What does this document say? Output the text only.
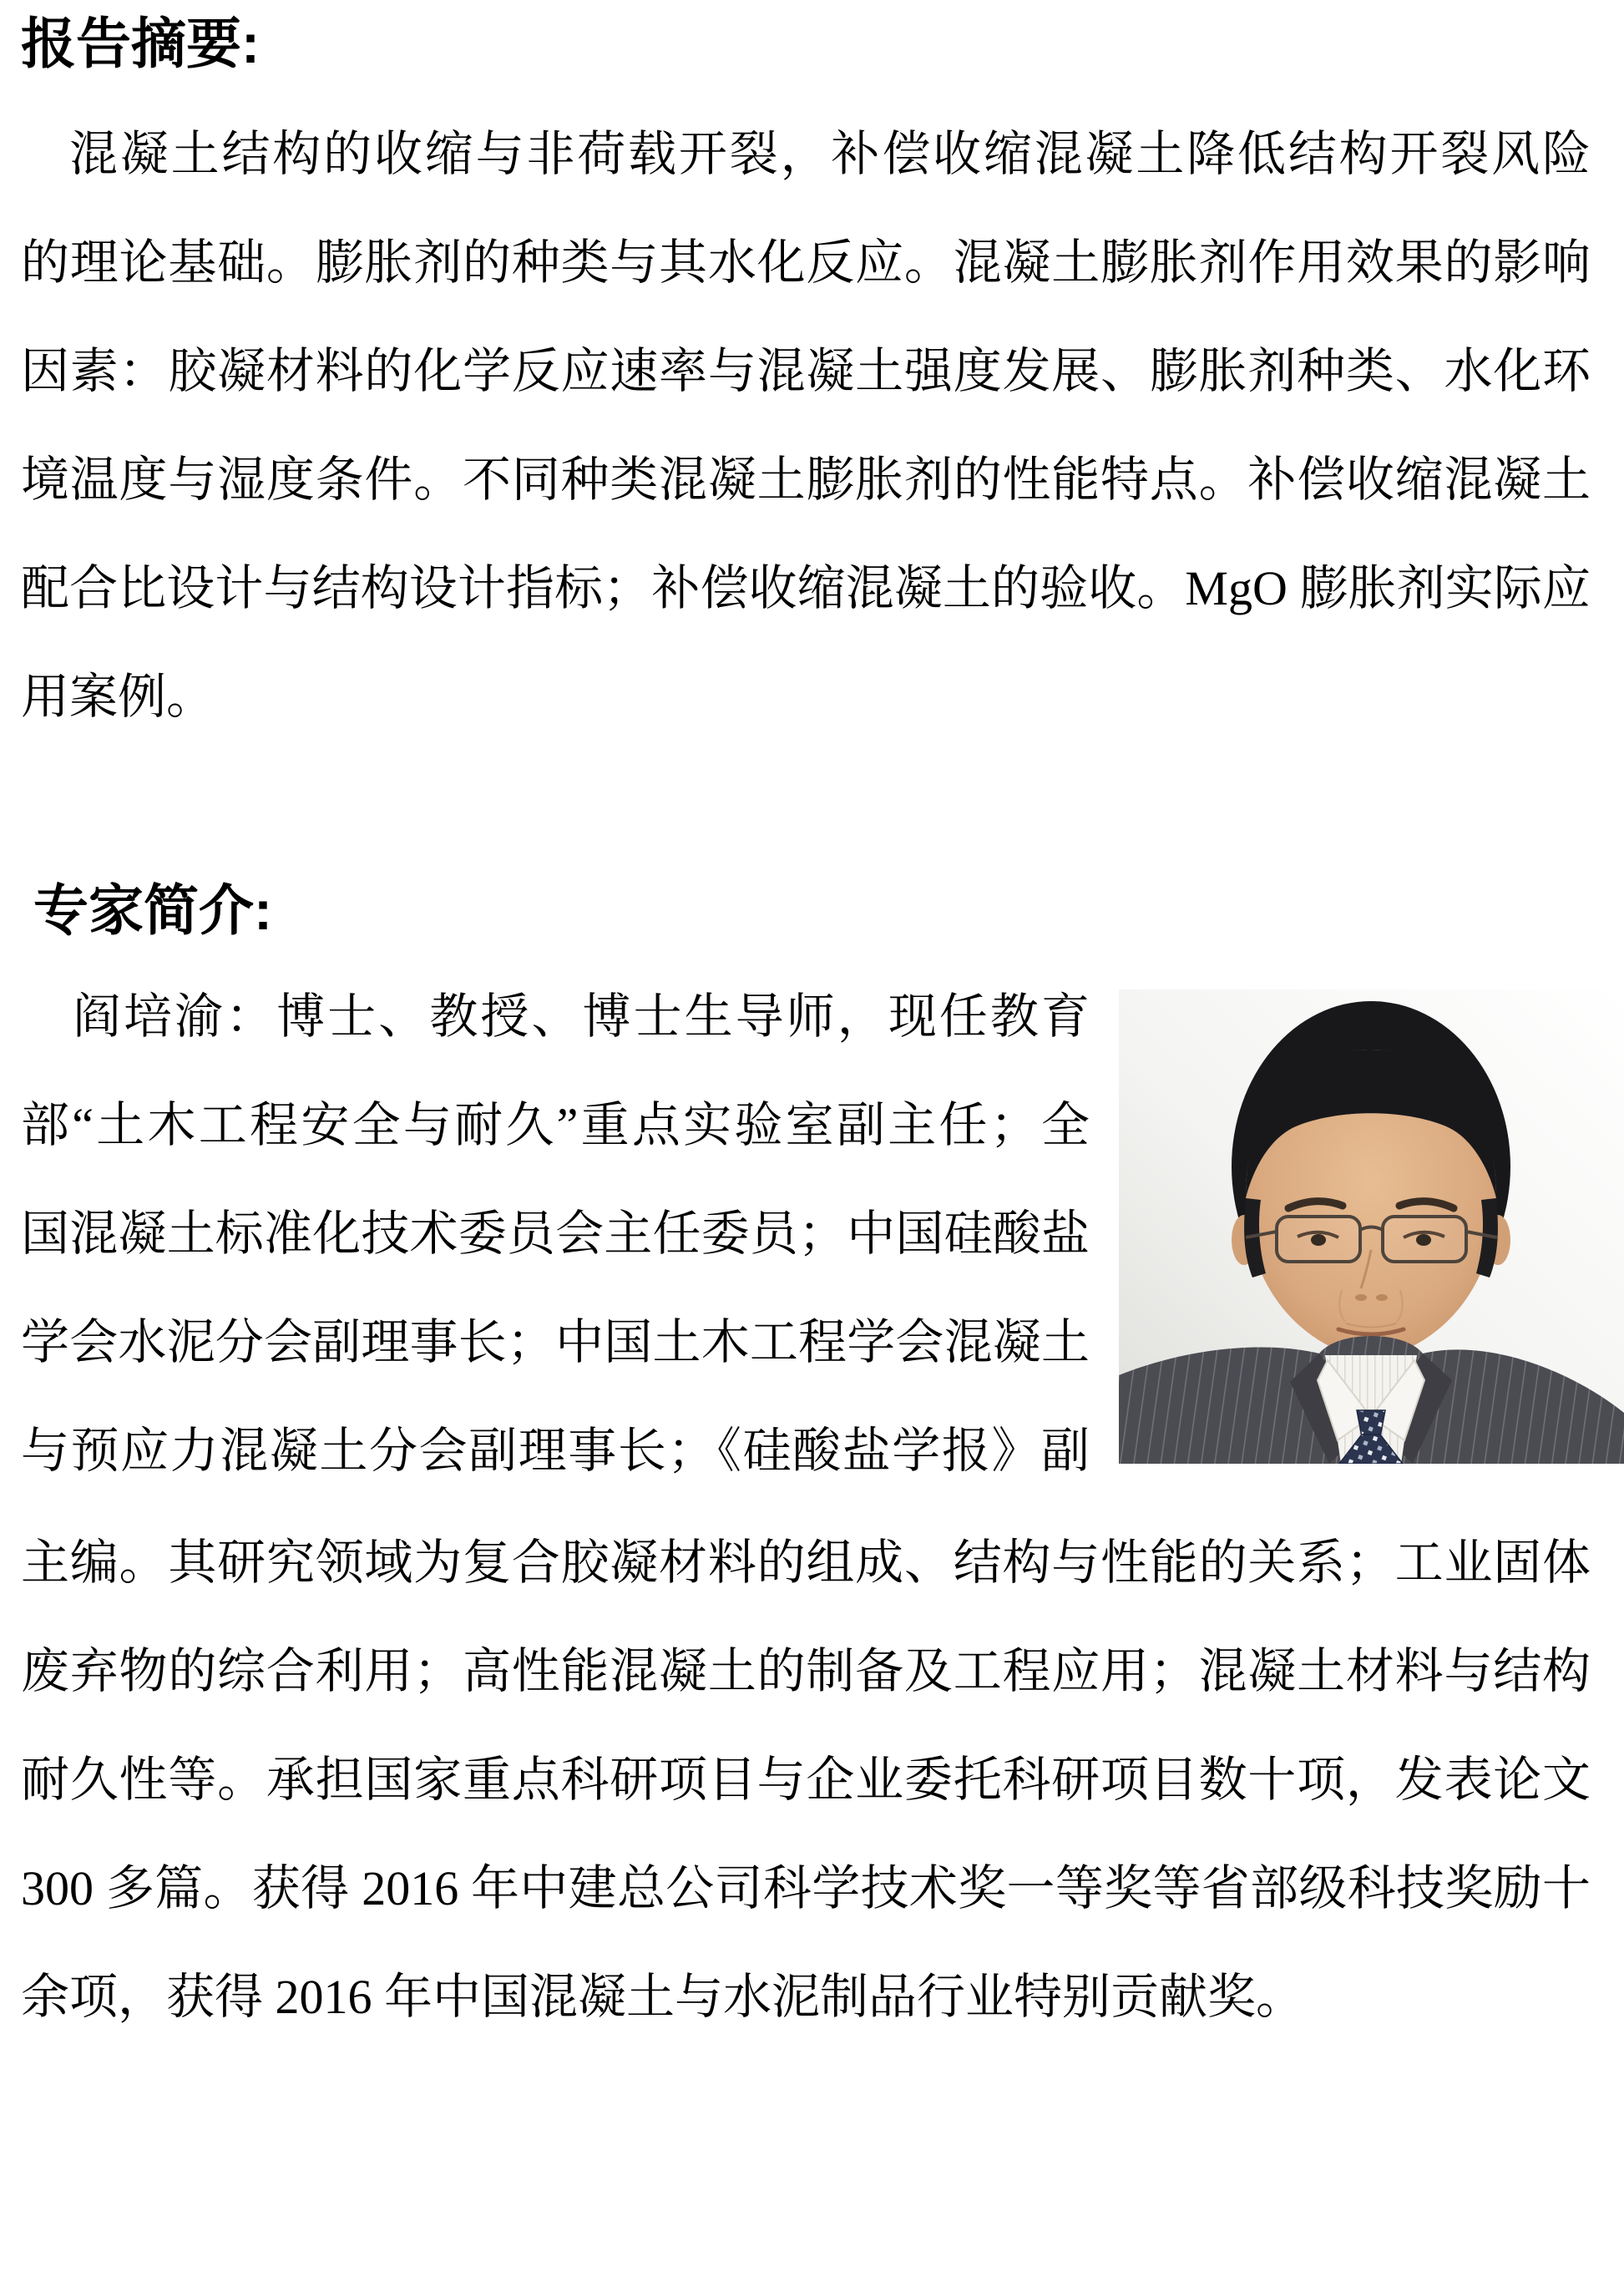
报告摘要:
混凝土结构的收缩与非荷载开裂，补偿收缩混凝土降低结构开裂风险
的理论基础。膨胀剂的种类与其水化反应。混凝土膨胀剂作用效果的影响
因素：胶凝材料的化学反应速率与混凝土强度发展、膨胀剂种类、水化环
境温度与湿度条件。不同种类混凝土膨胀剂的性能特点。补偿收缩混凝土
配合比设计与结构设计指标；补偿收缩混凝土的验收。MgO 膨胀剂实际应
用案例。
专家简介:
阎培渝：博士、教授、博士生导师，现任教育
部“土木工程安全与耐久”重点实验室副主任；全
国混凝土标准化技术委员会主任委员；中国硅酸盐
学会水泥分会副理事长；中国土木工程学会混凝土
与预应力混凝土分会副理事长；《硅酸盐学报》副
主编。其研究领域为复合胶凝材料的组成、结构与性能的关系；工业固体
废弃物的综合利用；高性能混凝土的制备及工程应用；混凝土材料与结构
耐久性等。承担国家重点科研项目与企业委托科研项目数十项，发表论文
300 多篇。获得 2016 年中建总公司科学技术奖一等奖等省部级科技奖励十
余项，获得 2016 年中国混凝土与水泥制品行业特别贡献奖。
